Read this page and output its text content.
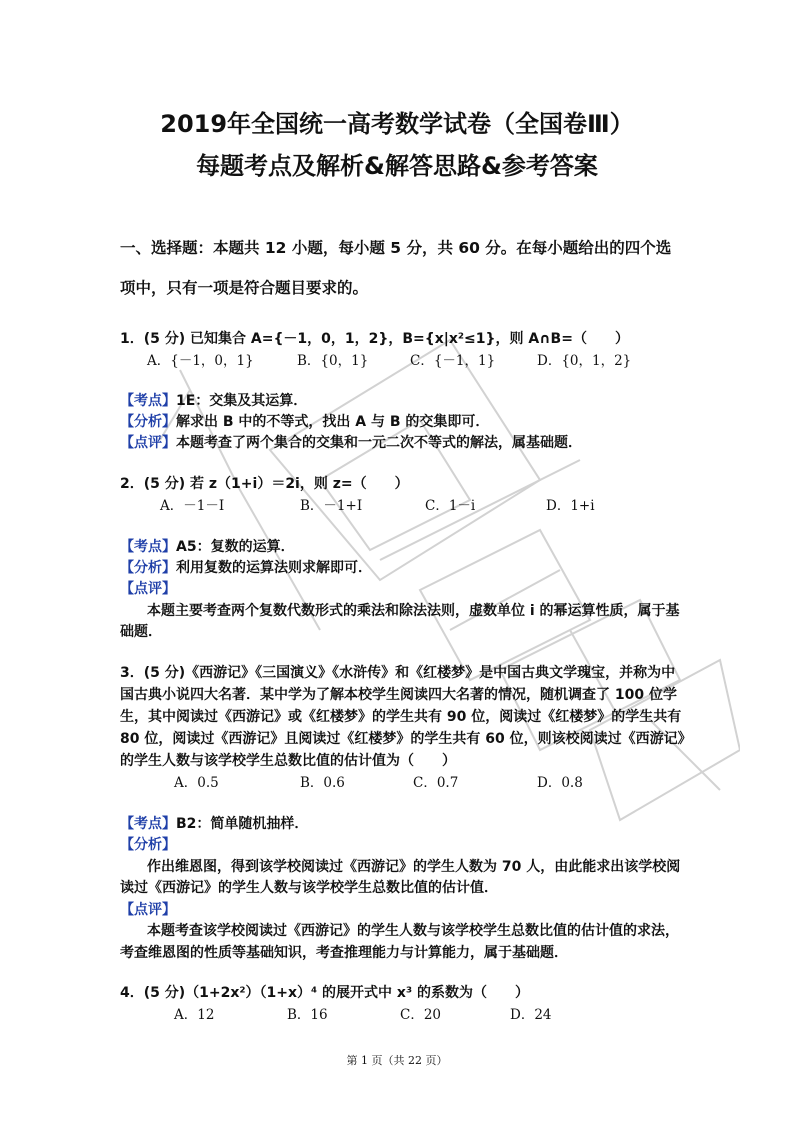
2019年全国统一高考数学试卷（全国卷Ⅲ）
每题考点及解析&解答思路&参考答案
一、选择题：本题共 12 小题，每小题 5 分，共 60 分。在每小题给出的四个选
项中，只有一项是符合题目要求的。
1．(5 分) 已知集合 A={－1，0，1，2}，B={x|x²≤1}，则 A∩B=（　　）
A．{－1，0，1}	B．{0，1}	C．{－1，1}	D．{0，1，2}
【考点】1E：交集及其运算．
【分析】解求出 B 中的不等式，找出 A 与 B 的交集即可．
【点评】本题考查了两个集合的交集和一元二次不等式的解法，属基础题．
2．(5 分) 若 z（1+i）＝2i，则 z=（　　）
A．－1－I	B．－1+I	C．1－i	D．1+i
【考点】A5：复数的运算．
【分析】利用复数的运算法则求解即可．
【点评】
本题主要考查两个复数代数形式的乘法和除法法则，虚数单位 i 的幂运算性质，属于基
础题．
3．(5 分)《西游记》《三国演义》《水浒传》和《红楼梦》是中国古典文学瑰宝，并称为中
国古典小说四大名著．某中学为了解本校学生阅读四大名著的情况，随机调查了 100 位学
生，其中阅读过《西游记》或《红楼梦》的学生共有 90 位，阅读过《红楼梦》的学生共有
80 位，阅读过《西游记》且阅读过《红楼梦》的学生共有 60 位，则该校阅读过《西游记》
的学生人数与该学校学生总数比值的估计值为（　　）
A．0.5	B．0.6	C．0.7	D．0.8
【考点】B2：简单随机抽样．
【分析】
作出维恩图，得到该学校阅读过《西游记》的学生人数为 70 人，由此能求出该学校阅
读过《西游记》的学生人数与该学校学生总数比值的估计值．
【点评】
本题考查该学校阅读过《西游记》的学生人数与该学校学生总数比值的估计值的求法，
考查维恩图的性质等基础知识，考查推理能力与计算能力，属于基础题．
4．(5 分)（1+2x²）（1+x）⁴ 的展开式中 x³ 的系数为（　　）
A．12	B．16	C．20	D．24
第 1 页（共 22 页）
